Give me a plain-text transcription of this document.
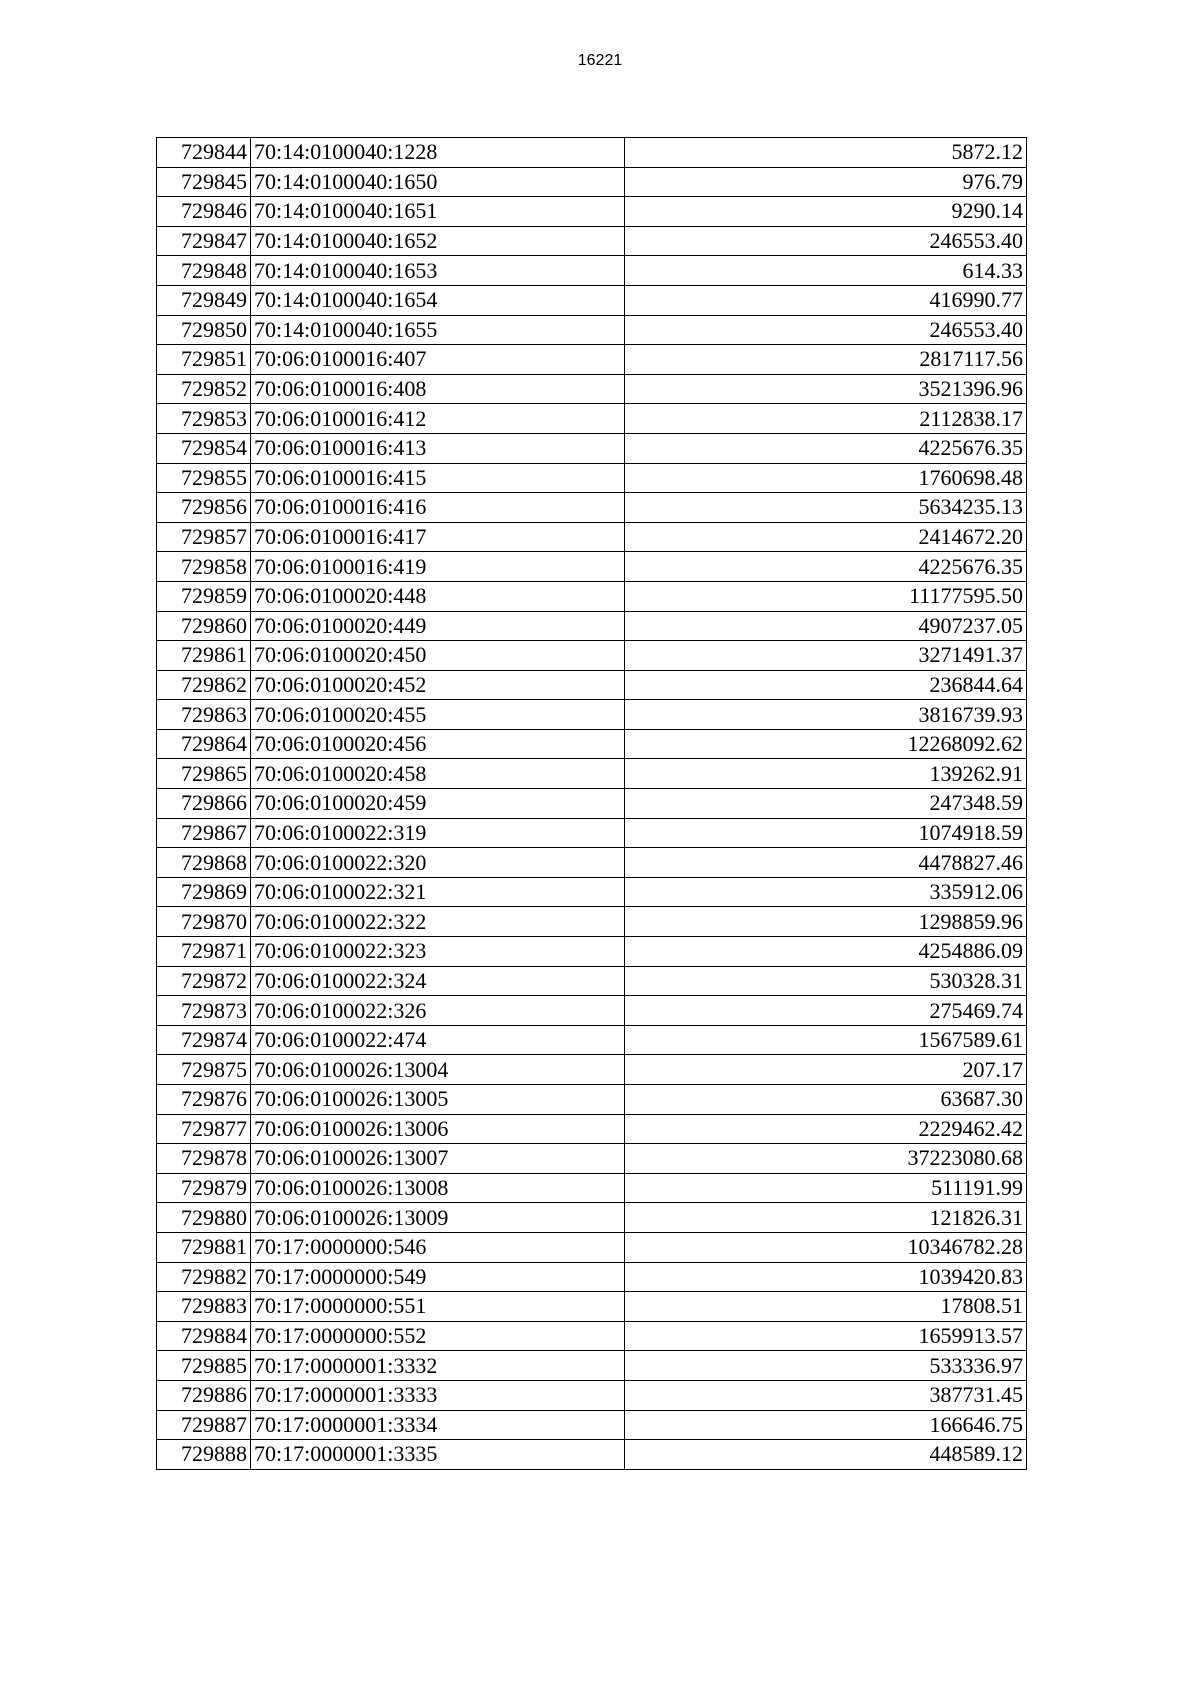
16221
729844	70:14:0100040:1228	5872.12
729845	70:14:0100040:1650	976.79
729846	70:14:0100040:1651	9290.14
729847	70:14:0100040:1652	246553.40
729848	70:14:0100040:1653	614.33
729849	70:14:0100040:1654	416990.77
729850	70:14:0100040:1655	246553.40
729851	70:06:0100016:407	2817117.56
729852	70:06:0100016:408	3521396.96
729853	70:06:0100016:412	2112838.17
729854	70:06:0100016:413	4225676.35
729855	70:06:0100016:415	1760698.48
729856	70:06:0100016:416	5634235.13
729857	70:06:0100016:417	2414672.20
729858	70:06:0100016:419	4225676.35
729859	70:06:0100020:448	11177595.50
729860	70:06:0100020:449	4907237.05
729861	70:06:0100020:450	3271491.37
729862	70:06:0100020:452	236844.64
729863	70:06:0100020:455	3816739.93
729864	70:06:0100020:456	12268092.62
729865	70:06:0100020:458	139262.91
729866	70:06:0100020:459	247348.59
729867	70:06:0100022:319	1074918.59
729868	70:06:0100022:320	4478827.46
729869	70:06:0100022:321	335912.06
729870	70:06:0100022:322	1298859.96
729871	70:06:0100022:323	4254886.09
729872	70:06:0100022:324	530328.31
729873	70:06:0100022:326	275469.74
729874	70:06:0100022:474	1567589.61
729875	70:06:0100026:13004	207.17
729876	70:06:0100026:13005	63687.30
729877	70:06:0100026:13006	2229462.42
729878	70:06:0100026:13007	37223080.68
729879	70:06:0100026:13008	511191.99
729880	70:06:0100026:13009	121826.31
729881	70:17:0000000:546	10346782.28
729882	70:17:0000000:549	1039420.83
729883	70:17:0000000:551	17808.51
729884	70:17:0000000:552	1659913.57
729885	70:17:0000001:3332	533336.97
729886	70:17:0000001:3333	387731.45
729887	70:17:0000001:3334	166646.75
729888	70:17:0000001:3335	448589.12
